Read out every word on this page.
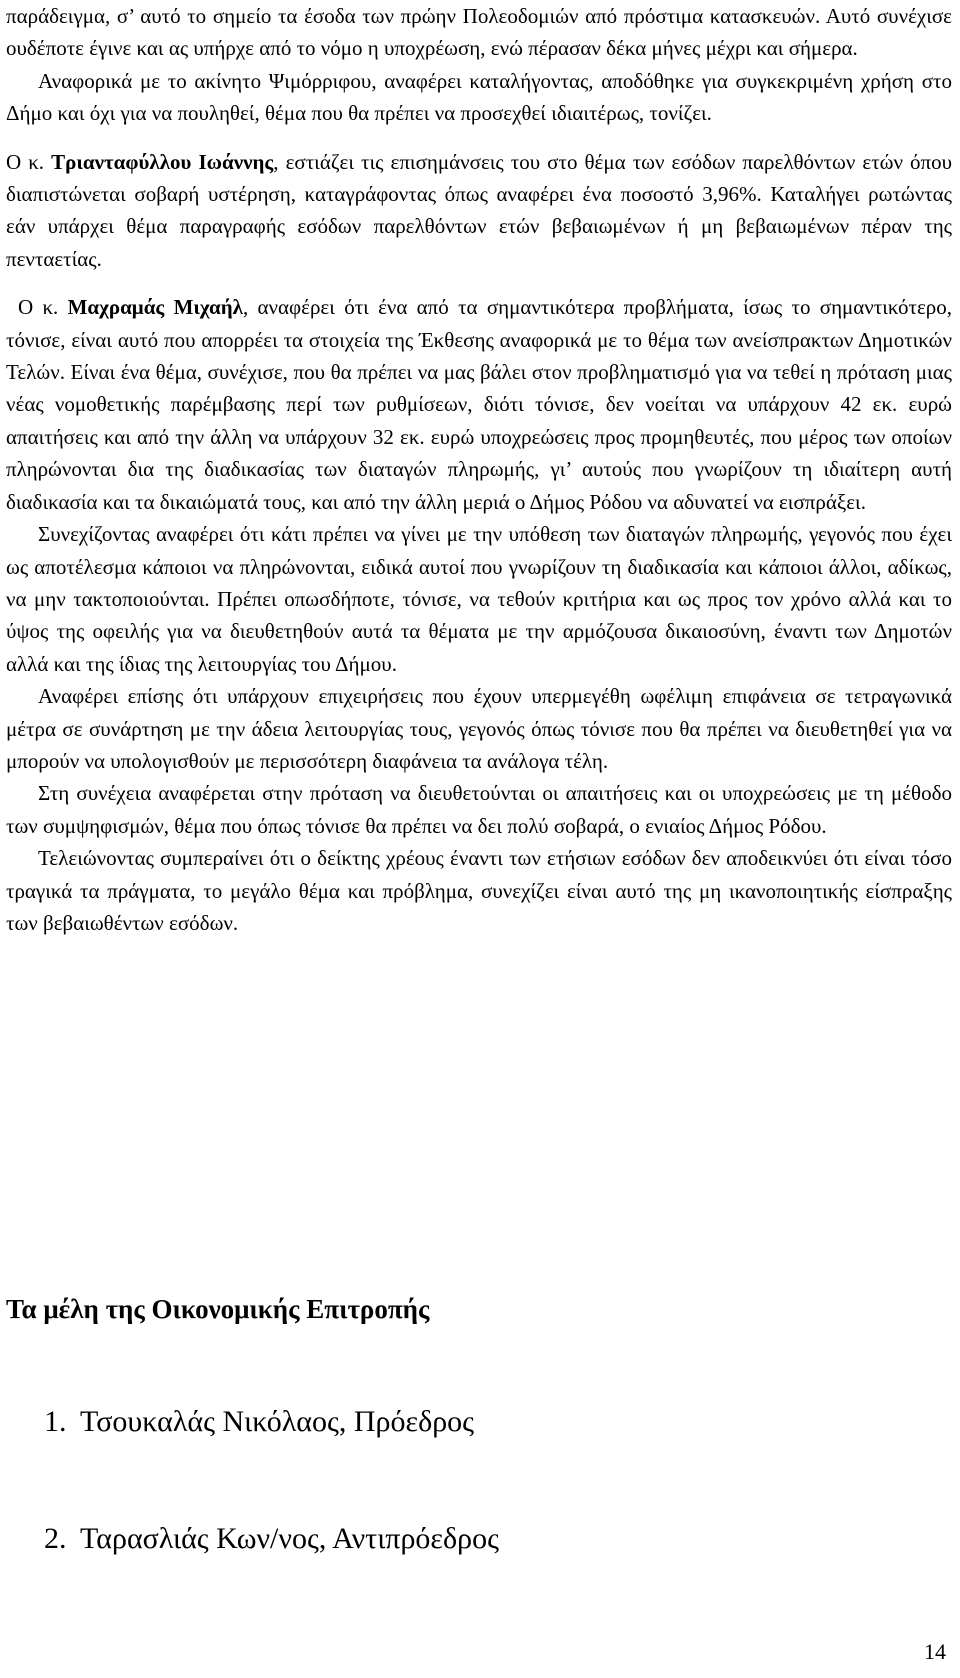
παράδειγμα, σ’ αυτό το σημείο τα έσοδα των πρώην Πολεοδομιών από πρόστιμα κατασκευών. Αυτό συνέχισε ουδέποτε έγινε και ας υπήρχε από το νόμο η υποχρέωση, ενώ πέρασαν δέκα μήνες μέχρι και σήμερα.

Αναφορικά με το ακίνητο Ψιμόρριφου, αναφέρει καταλήγοντας, αποδόθηκε για συγκεκριμένη χρήση στο Δήμο και όχι για να πουληθεί, θέμα που θα πρέπει να προσεχθεί ιδιαιτέρως, τονίζει.

Ο κ. Τριανταφύλλου Ιωάννης, εστιάζει τις επισημάνσεις του στο θέμα των εσόδων παρελθόντων ετών όπου διαπιστώνεται σοβαρή υστέρηση, καταγράφοντας όπως αναφέρει ένα ποσοστό 3,96%. Καταλήγει ρωτώντας εάν υπάρχει θέμα παραγραφής εσόδων παρελθόντων ετών βεβαιωμένων ή μη βεβαιωμένων πέραν της πενταετίας.

Ο κ. Μαχραμάς Μιχαήλ, αναφέρει ότι ένα από τα σημαντικότερα προβλήματα, ίσως το σημαντικότερο, τόνισε, είναι αυτό που απορρέει τα στοιχεία της Έκθεσης αναφορικά με το θέμα των ανείσπρακτων Δημοτικών Τελών. Είναι ένα θέμα, συνέχισε, που θα πρέπει να μας βάλει στον προβληματισμό για να τεθεί η πρόταση μιας νέας νομοθετικής παρέμβασης περί των ρυθμίσεων, διότι τόνισε, δεν νοείται να υπάρχουν 42 εκ. ευρώ απαιτήσεις και από την άλλη να υπάρχουν 32 εκ. ευρώ υποχρεώσεις προς προμηθευτές, που μέρος των οποίων πληρώνονται δια της διαδικασίας των διαταγών πληρωμής, γι’ αυτούς που γνωρίζουν τη ιδιαίτερη αυτή διαδικασία και τα δικαιώματά τους, και από την άλλη μεριά ο Δήμος Ρόδου να αδυνατεί να εισπράξει.

Συνεχίζοντας αναφέρει ότι κάτι πρέπει να γίνει με την υπόθεση των διαταγών πληρωμής, γεγονός που έχει ως αποτέλεσμα κάποιοι να πληρώνονται, ειδικά αυτοί που γνωρίζουν τη διαδικασία και κάποιοι άλλοι, αδίκως, να μην τακτοποιούνται. Πρέπει οπωσδήποτε, τόνισε, να τεθούν κριτήρια και ως προς τον χρόνο αλλά και το ύψος της οφειλής για να διευθετηθούν αυτά τα θέματα με την αρμόζουσα δικαιοσύνη, έναντι των Δημοτών αλλά και της ίδιας της λειτουργίας του Δήμου.

Αναφέρει επίσης ότι υπάρχουν επιχειρήσεις που έχουν υπερμεγέθη ωφέλιμη επιφάνεια σε τετραγωνικά μέτρα σε συνάρτηση με την άδεια λειτουργίας τους, γεγονός όπως τόνισε που θα πρέπει να διευθετηθεί για να μπορούν να υπολογισθούν με περισσότερη διαφάνεια τα ανάλογα τέλη.

Στη συνέχεια αναφέρεται στην πρόταση να διευθετούνται οι απαιτήσεις και οι υποχρεώσεις με τη μέθοδο των συμψηφισμών, θέμα που όπως τόνισε θα πρέπει να δει πολύ σοβαρά, ο ενιαίος Δήμος Ρόδου.

Τελειώνοντας συμπεραίνει ότι ο δείκτης χρέους έναντι των ετήσιων εσόδων δεν αποδεικνύει ότι είναι τόσο τραγικά τα πράγματα, το μεγάλο θέμα και πρόβλημα, συνεχίζει είναι αυτό της μη ικανοποιητικής είσπραξης των βεβαιωθέντων εσόδων.

Τα μέλη της Οικονομικής Επιτροπής

1. Τσουκαλάς Νικόλαος, Πρόεδρος

2. Ταρασλιάς Κων/νος, Αντιπρόεδρος

14
